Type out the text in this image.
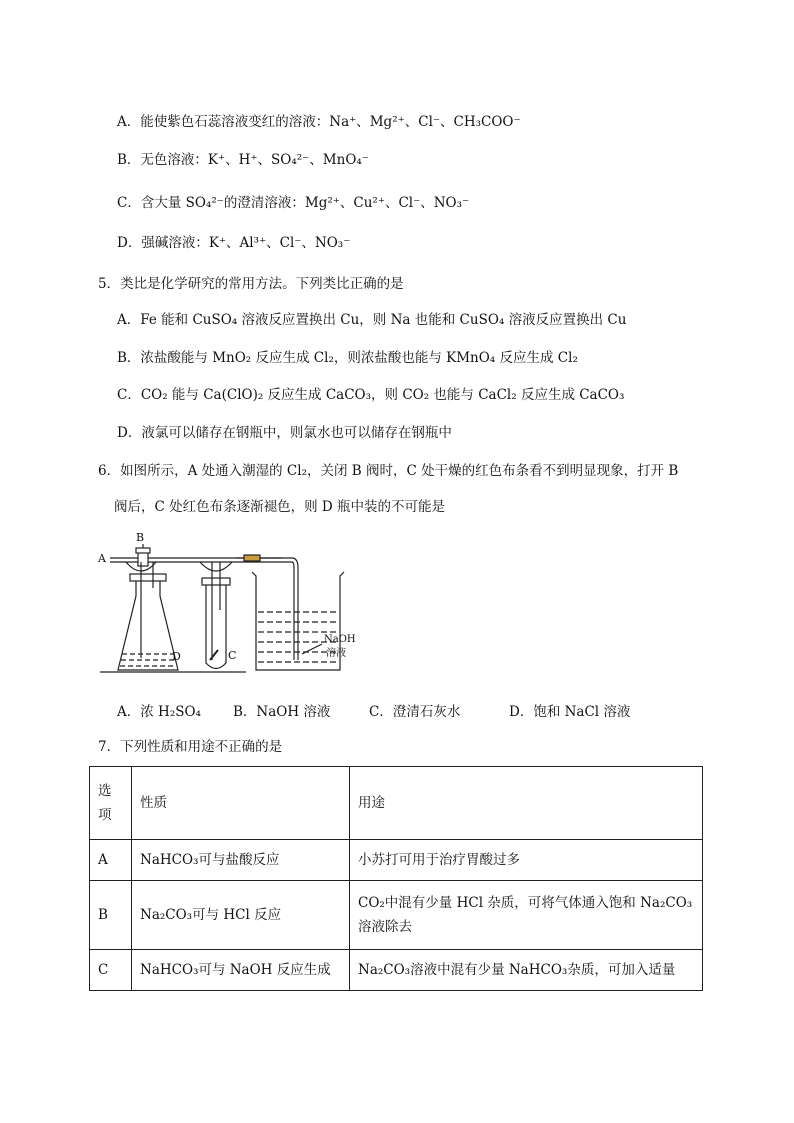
A．能使紫色石蕊溶液变红的溶液：Na⁺、Mg²⁺、Cl⁻、CH₃COO⁻
B．无色溶液：K⁺、H⁺、SO₄²⁻、MnO₄⁻
C．含大量 SO₄²⁻的澄清溶液：Mg²⁺、Cu²⁺、Cl⁻、NO₃⁻
D．强碱溶液：K⁺、Al³⁺、Cl⁻、NO₃⁻
5．类比是化学研究的常用方法。下列类比正确的是
A．Fe 能和 CuSO₄ 溶液反应置换出 Cu，则 Na 也能和 CuSO₄ 溶液反应置换出 Cu
B．浓盐酸能与 MnO₂ 反应生成 Cl₂，则浓盐酸也能与 KMnO₄ 反应生成 Cl₂
C．CO₂ 能与 Ca(ClO)₂ 反应生成 CaCO₃，则 CO₂ 也能与 CaCl₂ 反应生成 CaCO₃
D．液氯可以储存在钢瓶中，则氯水也可以储存在钢瓶中
6．如图所示，A 处通入潮湿的 Cl₂，关闭 B 阀时，C 处干燥的红色布条看不到明显现象，打开 B
阀后，C 处红色布条逐渐褪色，则 D 瓶中装的不可能是
A
B
C
D
NaOH
溶液
A．浓 H₂SO₄	B．NaOH 溶液	C．澄清石灰水	D．饱和 NaCl 溶液
7．下列性质和用途不正确的是
选
项	性质	用途
A	NaHCO₃可与盐酸反应	小苏打可用于治疗胃酸过多
B	Na₂CO₃可与 HCl 反应	CO₂中混有少量 HCl 杂质，可将气体通入饱和 Na₂CO₃
溶液除去

C	NaHCO₃可与 NaOH 反应生成	Na₂CO₃溶液中混有少量 NaHCO₃杂质，可加入适量
